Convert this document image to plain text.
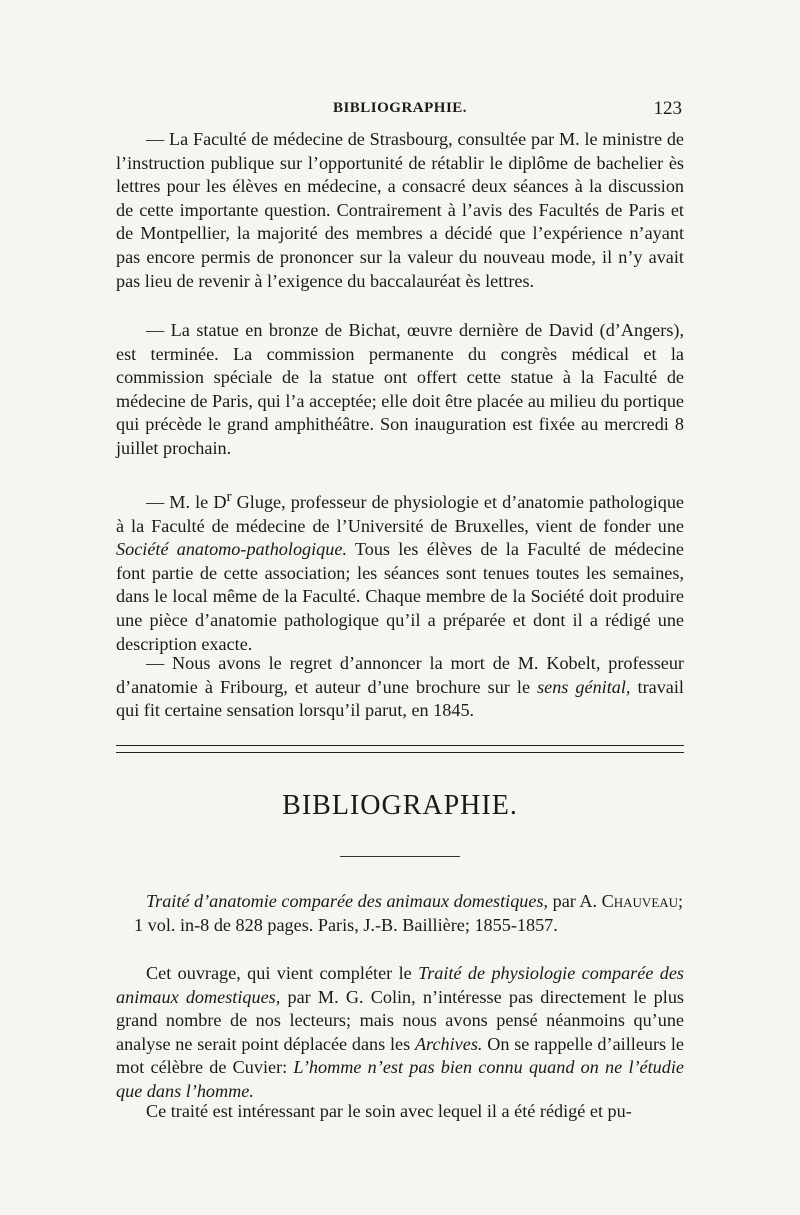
BIBLIOGRAPHIE.	123

— La Faculté de médecine de Strasbourg, consultée par M. le ministre de l’instruction publique sur l’opportunité de rétablir le diplôme de bachelier ès lettres pour les élèves en médecine, a consacré deux séances à la discussion de cette importante question. Contrairement à l’avis des Facultés de Paris et de Montpellier, la majorité des membres a décidé que l’expérience n’ayant pas encore permis de prononcer sur la valeur du nouveau mode, il n’y avait pas lieu de revenir à l’exigence du baccalauréat ès lettres.

— La statue en bronze de Bichat, œuvre dernière de David (d’Angers), est terminée. La commission permanente du congrès médical et la commission spéciale de la statue ont offert cette statue à la Faculté de médecine de Paris, qui l’a acceptée; elle doit être placée au milieu du portique qui précède le grand amphithéâtre. Son inauguration est fixée au mercredi 8 juillet prochain.

— M. le $D^r$ Gluge, professeur de physiologie et d’anatomie pathologique à la Faculté de médecine de l’Université de Bruxelles, vient de fonder une Société anatomo-pathologique. Tous les élèves de la Faculté de médecine font partie de cette association; les séances sont tenues toutes les semaines, dans le local même de la Faculté. Chaque membre de la Société doit produire une pièce d’anatomie pathologique qu’il a préparée et dont il a rédigé une description exacte.

— Nous avons le regret d’annoncer la mort de M. Kobelt, professeur d’anatomie à Fribourg, et auteur d’une brochure sur le sens génital, travail qui fit certaine sensation lorsqu’il parut, en 1845.

BIBLIOGRAPHIE.

Traité d’anatomie comparée des animaux domestiques, par A. Chauveau;
1 vol. in-8 de 828 pages. Paris, J.-B. Baillière; 1855-1857.

Cet ouvrage, qui vient compléter le Traité de physiologie comparée des animaux domestiques, par M. G. Colin, n’intéresse pas directement le plus grand nombre de nos lecteurs; mais nous avons pensé néanmoins qu’une analyse ne serait point déplacée dans les Archives. On se rappelle d’ailleurs le mot célèbre de Cuvier: L’homme n’est pas bien connu quand on ne l’étudie que dans l’homme.

Ce traité est intéressant par le soin avec lequel il a été rédigé et pu-
